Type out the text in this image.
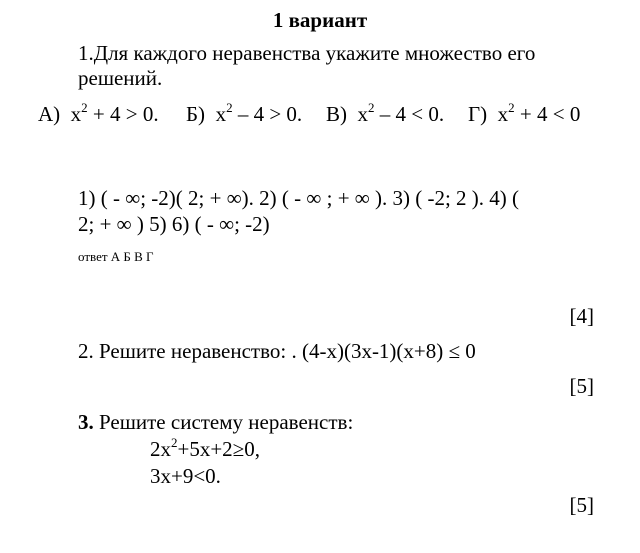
1 вариант
1.Для каждого неравенства укажите множество его
решений.
А) $x^2 + 4 > 0$. Б) $x^2 - 4 > 0$. В) $x^2 - 4 < 0$. Г) $x^2 + 4 < 0$
1) ( - ∞; -2)( 2; + ∞). 2) ( - ∞ ; + ∞ ). 3) ( -2; 2 ). 4) (
2; + ∞ ) 5) 6) ( - ∞; -2)
ответ А Б В Г
[4]
2. Решите неравенство: . (4-x)(3x-1)(x+8) ≤ 0
[5]
3. Решите систему неравенств:
$2x^2+5x+2\ge 0$,
3x+9<0.
[5]
